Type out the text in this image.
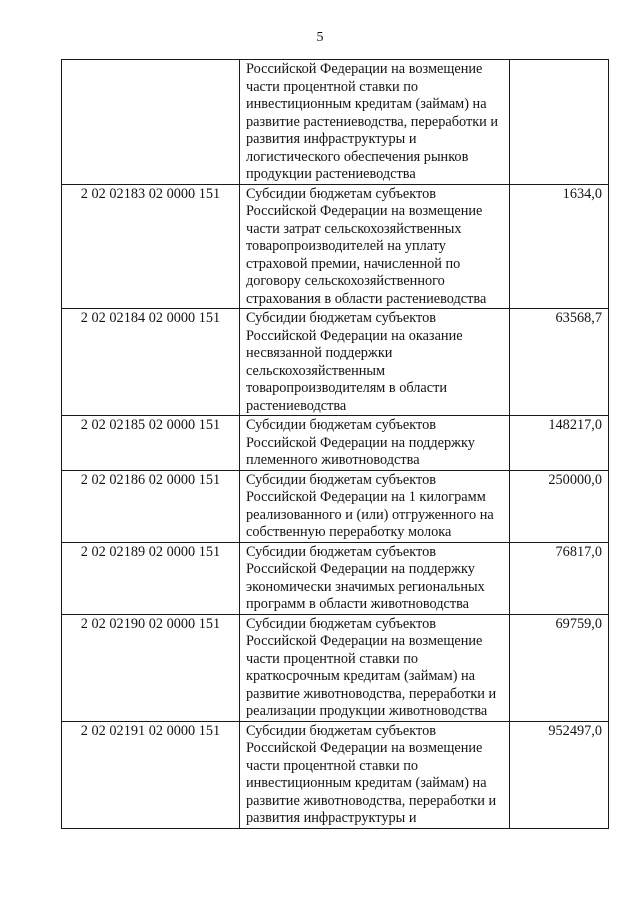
5
	Российской Федерации на возмещение части процентной ставки по инвестиционным кредитам (займам) на развитие растениеводства, переработки и развития инфраструктуры и логистического обеспечения рынков продукции растениеводства	
2 02 02183 02 0000 151	Субсидии бюджетам субъектов Российской Федерации на возмещение части затрат сельскохозяйственных товаропроизводителей на уплату страховой премии, начисленной по договору сельскохозяйственного страхования в области растениеводства	1634,0
2 02 02184 02 0000 151	Субсидии бюджетам субъектов Российской Федерации на оказание несвязанной поддержки сельскохозяйственным товаропроизводителям в области растениеводства	63568,7
2 02 02185 02 0000 151	Субсидии бюджетам субъектов Российской Федерации на поддержку племенного животноводства	148217,0
2 02 02186 02 0000 151	Субсидии бюджетам субъектов Российской Федерации на 1 килограмм реализованного и (или) отгруженного на собственную переработку молока	250000,0
2 02 02189 02 0000 151	Субсидии бюджетам субъектов Российской Федерации на поддержку экономически значимых региональных программ в области животноводства	76817,0
2 02 02190 02 0000 151	Субсидии бюджетам субъектов Российской Федерации на возмещение части процентной ставки по краткосрочным кредитам (займам) на развитие животноводства, переработки и реализации продукции животноводства	69759,0
2 02 02191 02 0000 151	Субсидии бюджетам субъектов Российской Федерации на возмещение части процентной ставки по инвестиционным кредитам (займам) на развитие животноводства, переработки и развития инфраструктуры и	952497,0
